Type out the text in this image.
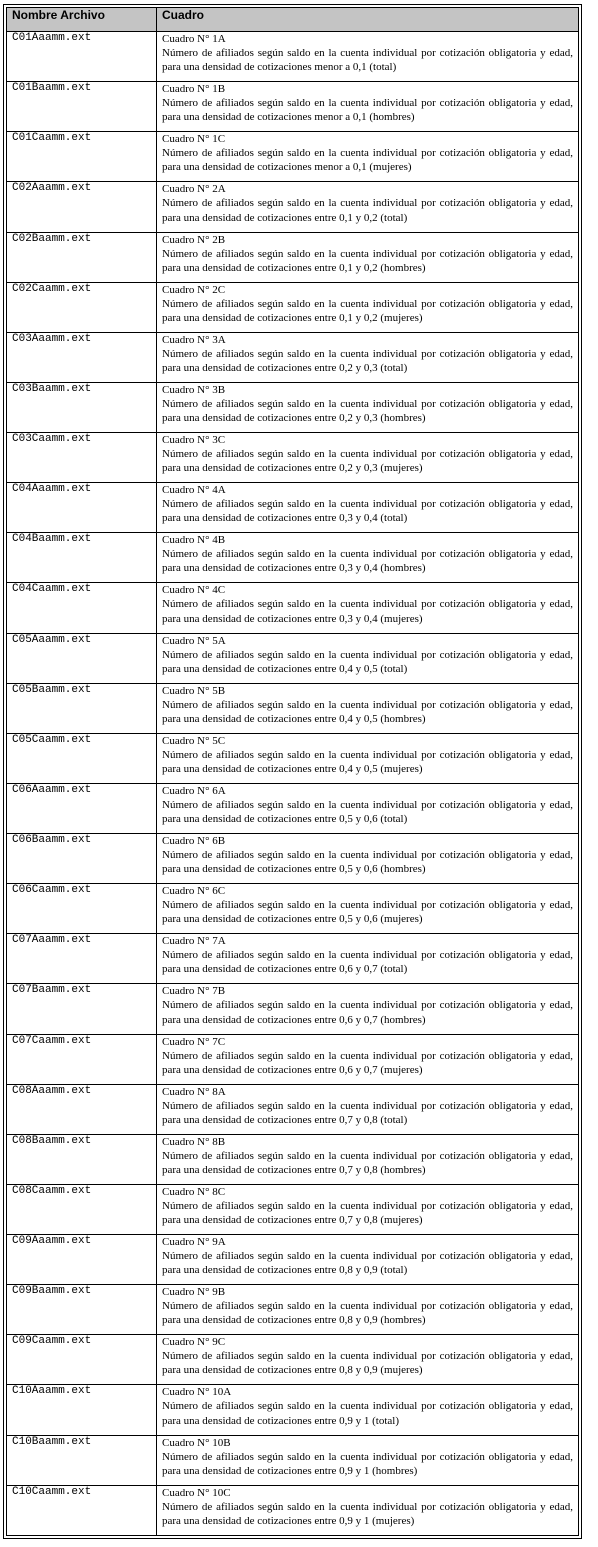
Nombre Archivo	Cuadro
C01Aaamm.ext	Cuadro N° 1A
Número de afiliados según saldo en la cuenta individual por cotización obligatoria y edad, para una densidad de cotizaciones menor a 0,1 (total)

C01Baamm.ext	Cuadro N° 1B
Número de afiliados según saldo en la cuenta individual por cotización obligatoria y edad, para una densidad de cotizaciones menor a 0,1 (hombres)

C01Caamm.ext	Cuadro N° 1C
Número de afiliados según saldo en la cuenta individual por cotización obligatoria y edad, para una densidad de cotizaciones menor a 0,1 (mujeres)

C02Aaamm.ext	Cuadro N° 2A
Número de afiliados según saldo en la cuenta individual por cotización obligatoria y edad, para una densidad de cotizaciones entre 0,1 y 0,2 (total)

C02Baamm.ext	Cuadro N° 2B
Número de afiliados según saldo en la cuenta individual por cotización obligatoria y edad, para una densidad de cotizaciones entre 0,1 y 0,2 (hombres)

C02Caamm.ext	Cuadro N° 2C
Número de afiliados según saldo en la cuenta individual por cotización obligatoria y edad, para una densidad de cotizaciones entre 0,1 y 0,2 (mujeres)

C03Aaamm.ext	Cuadro N° 3A
Número de afiliados según saldo en la cuenta individual por cotización obligatoria y edad, para una densidad de cotizaciones entre 0,2 y 0,3 (total)

C03Baamm.ext	Cuadro N° 3B
Número de afiliados según saldo en la cuenta individual por cotización obligatoria y edad, para una densidad de cotizaciones entre 0,2 y 0,3 (hombres)

C03Caamm.ext	Cuadro N° 3C
Número de afiliados según saldo en la cuenta individual por cotización obligatoria y edad, para una densidad de cotizaciones entre 0,2 y 0,3 (mujeres)

C04Aaamm.ext	Cuadro N° 4A
Número de afiliados según saldo en la cuenta individual por cotización obligatoria y edad, para una densidad de cotizaciones entre 0,3 y 0,4 (total)

C04Baamm.ext	Cuadro N° 4B
Número de afiliados según saldo en la cuenta individual por cotización obligatoria y edad, para una densidad de cotizaciones entre 0,3 y 0,4 (hombres)

C04Caamm.ext	Cuadro N° 4C
Número de afiliados según saldo en la cuenta individual por cotización obligatoria y edad, para una densidad de cotizaciones entre 0,3 y 0,4 (mujeres)

C05Aaamm.ext	Cuadro N° 5A
Número de afiliados según saldo en la cuenta individual por cotización obligatoria y edad, para una densidad de cotizaciones entre 0,4 y 0,5 (total)

C05Baamm.ext	Cuadro N° 5B
Número de afiliados según saldo en la cuenta individual por cotización obligatoria y edad, para una densidad de cotizaciones entre 0,4 y 0,5 (hombres)

C05Caamm.ext	Cuadro N° 5C
Número de afiliados según saldo en la cuenta individual por cotización obligatoria y edad, para una densidad de cotizaciones entre 0,4 y 0,5 (mujeres)

C06Aaamm.ext	Cuadro N° 6A
Número de afiliados según saldo en la cuenta individual por cotización obligatoria y edad, para una densidad de cotizaciones entre 0,5 y 0,6 (total)

C06Baamm.ext	Cuadro N° 6B
Número de afiliados según saldo en la cuenta individual por cotización obligatoria y edad, para una densidad de cotizaciones entre 0,5 y 0,6 (hombres)

C06Caamm.ext	Cuadro N° 6C
Número de afiliados según saldo en la cuenta individual por cotización obligatoria y edad, para una densidad de cotizaciones entre 0,5 y 0,6 (mujeres)

C07Aaamm.ext	Cuadro N° 7A
Número de afiliados según saldo en la cuenta individual por cotización obligatoria y edad, para una densidad de cotizaciones entre 0,6 y 0,7 (total)

C07Baamm.ext	Cuadro N° 7B
Número de afiliados según saldo en la cuenta individual por cotización obligatoria y edad, para una densidad de cotizaciones entre 0,6 y 0,7 (hombres)

C07Caamm.ext	Cuadro N° 7C
Número de afiliados según saldo en la cuenta individual por cotización obligatoria y edad, para una densidad de cotizaciones entre 0,6 y 0,7 (mujeres)

C08Aaamm.ext	Cuadro N° 8A
Número de afiliados según saldo en la cuenta individual por cotización obligatoria y edad, para una densidad de cotizaciones entre 0,7 y 0,8 (total)

C08Baamm.ext	Cuadro N° 8B
Número de afiliados según saldo en la cuenta individual por cotización obligatoria y edad, para una densidad de cotizaciones entre 0,7 y 0,8 (hombres)

C08Caamm.ext	Cuadro N° 8C
Número de afiliados según saldo en la cuenta individual por cotización obligatoria y edad, para una densidad de cotizaciones entre 0,7 y 0,8 (mujeres)

C09Aaamm.ext	Cuadro N° 9A
Número de afiliados según saldo en la cuenta individual por cotización obligatoria y edad, para una densidad de cotizaciones entre 0,8 y 0,9 (total)

C09Baamm.ext	Cuadro N° 9B
Número de afiliados según saldo en la cuenta individual por cotización obligatoria y edad, para una densidad de cotizaciones entre 0,8 y 0,9 (hombres)

C09Caamm.ext	Cuadro N° 9C
Número de afiliados según saldo en la cuenta individual por cotización obligatoria y edad, para una densidad de cotizaciones entre 0,8 y 0,9 (mujeres)

C10Aaamm.ext	Cuadro N° 10A
Número de afiliados según saldo en la cuenta individual por cotización obligatoria y edad, para una densidad de cotizaciones entre 0,9 y 1 (total)

C10Baamm.ext	Cuadro N° 10B
Número de afiliados según saldo en la cuenta individual por cotización obligatoria y edad, para una densidad de cotizaciones entre 0,9 y 1 (hombres)

C10Caamm.ext	Cuadro N° 10C
Número de afiliados según saldo en la cuenta individual por cotización obligatoria y edad, para una densidad de cotizaciones entre 0,9 y 1 (mujeres)
